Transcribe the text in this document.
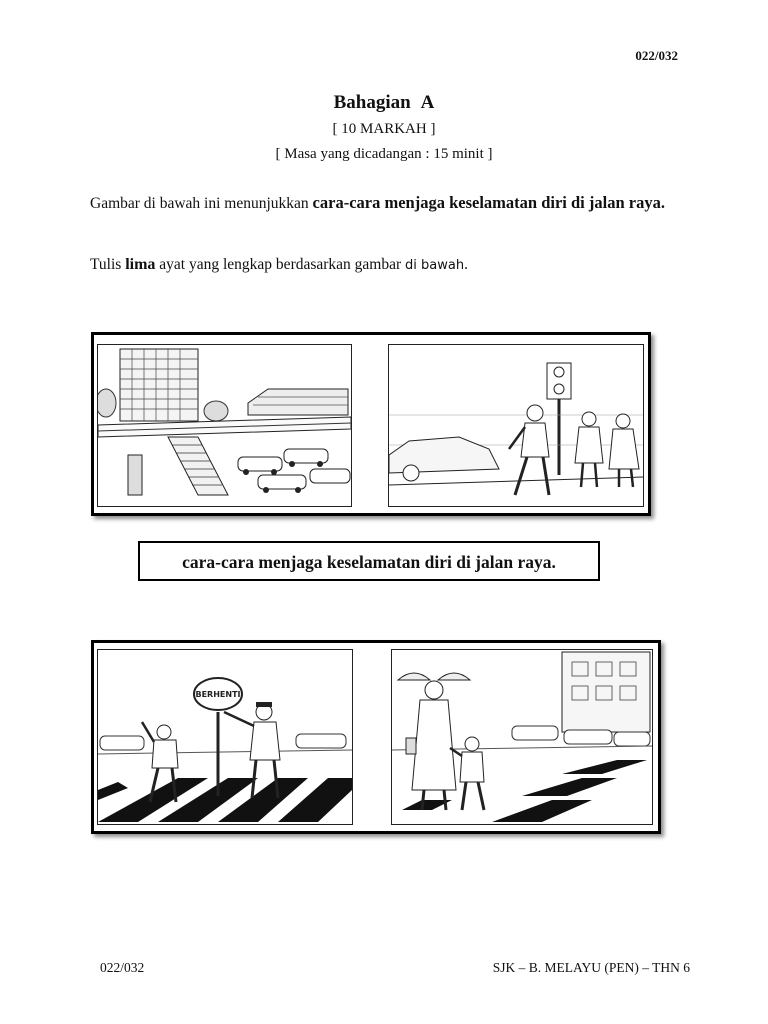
022/032
Bahagian A
[ 10 MARKAH ]
[ Masa yang dicadangan : 15 minit ]
Gambar di bawah ini menunjukkan cara-cara menjaga keselamatan diri di jalan raya.
Tulis lima ayat yang lengkap berdasarkan gambar di bawah.
cara-cara menjaga keselamatan diri di jalan raya.
BERHENTI
022/032	SJK – B. MELAYU (PEN) – THN 6
